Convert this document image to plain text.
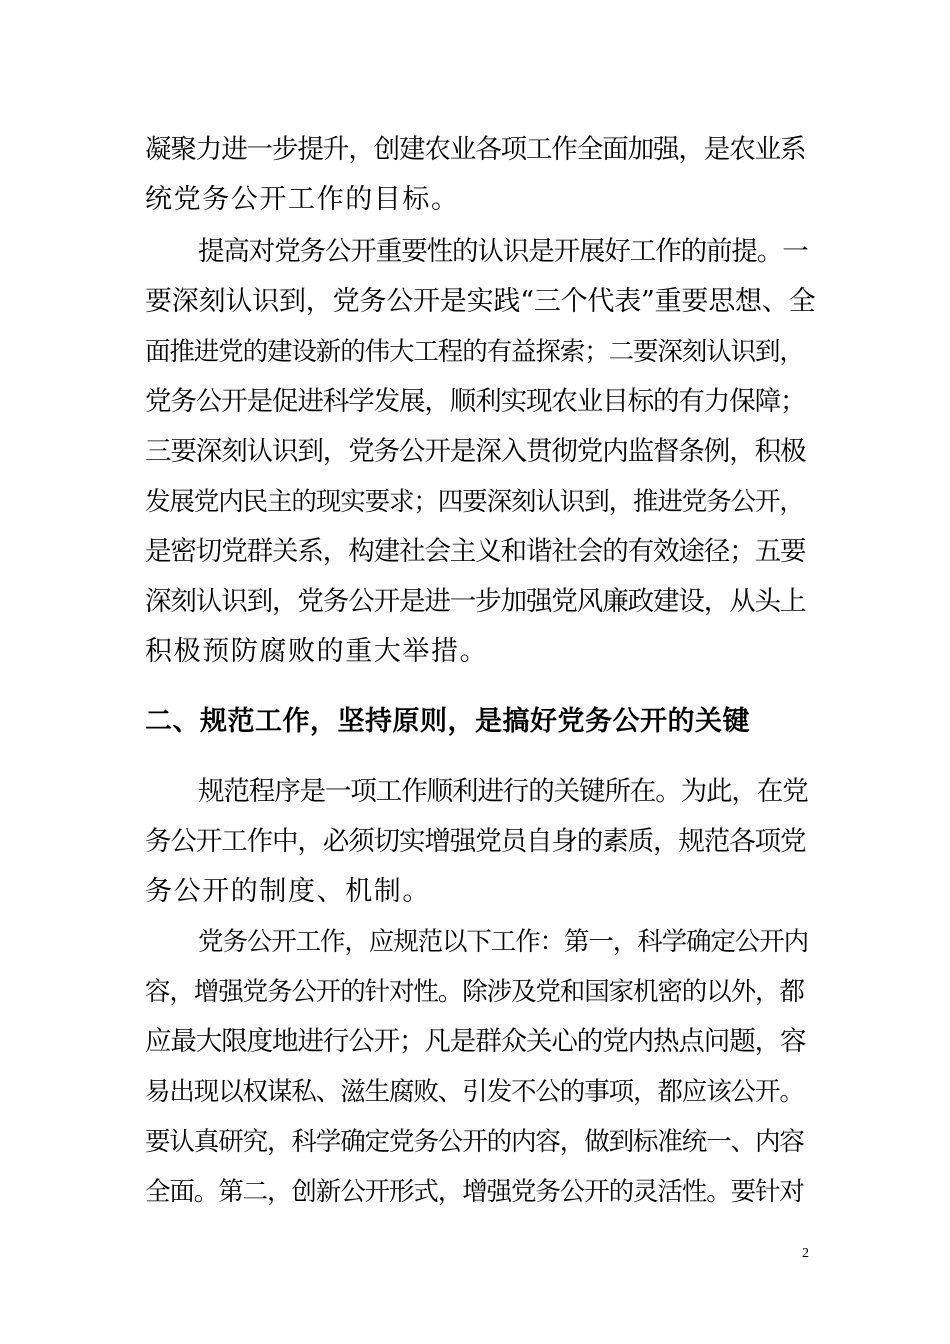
凝聚力进一步提升，创建农业各项工作全面加强，是农业系
统党务公开工作的目标。
提高对党务公开重要性的认识是开展好工作的前提。一
要深刻认识到，党务公开是实践“三个代表”重要思想、全
面推进党的建设新的伟大工程的有益探索；二要深刻认识到，
党务公开是促进科学发展，顺利实现农业目标的有力保障；
三要深刻认识到，党务公开是深入贯彻党内监督条例，积极
发展党内民主的现实要求；四要深刻认识到，推进党务公开，
是密切党群关系，构建社会主义和谐社会的有效途径；五要
深刻认识到，党务公开是进一步加强党风廉政建设，从头上
积极预防腐败的重大举措。
二、规范工作，坚持原则，是搞好党务公开的关键
规范程序是一项工作顺利进行的关键所在。为此，在党
务公开工作中，必须切实增强党员自身的素质，规范各项党
务公开的制度、机制。
党务公开工作，应规范以下工作：第一，科学确定公开内
容，增强党务公开的针对性。除涉及党和国家机密的以外，都
应最大限度地进行公开；凡是群众关心的党内热点问题，容
易出现以权谋私、滋生腐败、引发不公的事项，都应该公开。
要认真研究，科学确定党务公开的内容，做到标准统一、内容
全面。第二，创新公开形式，增强党务公开的灵活性。要针对
2
